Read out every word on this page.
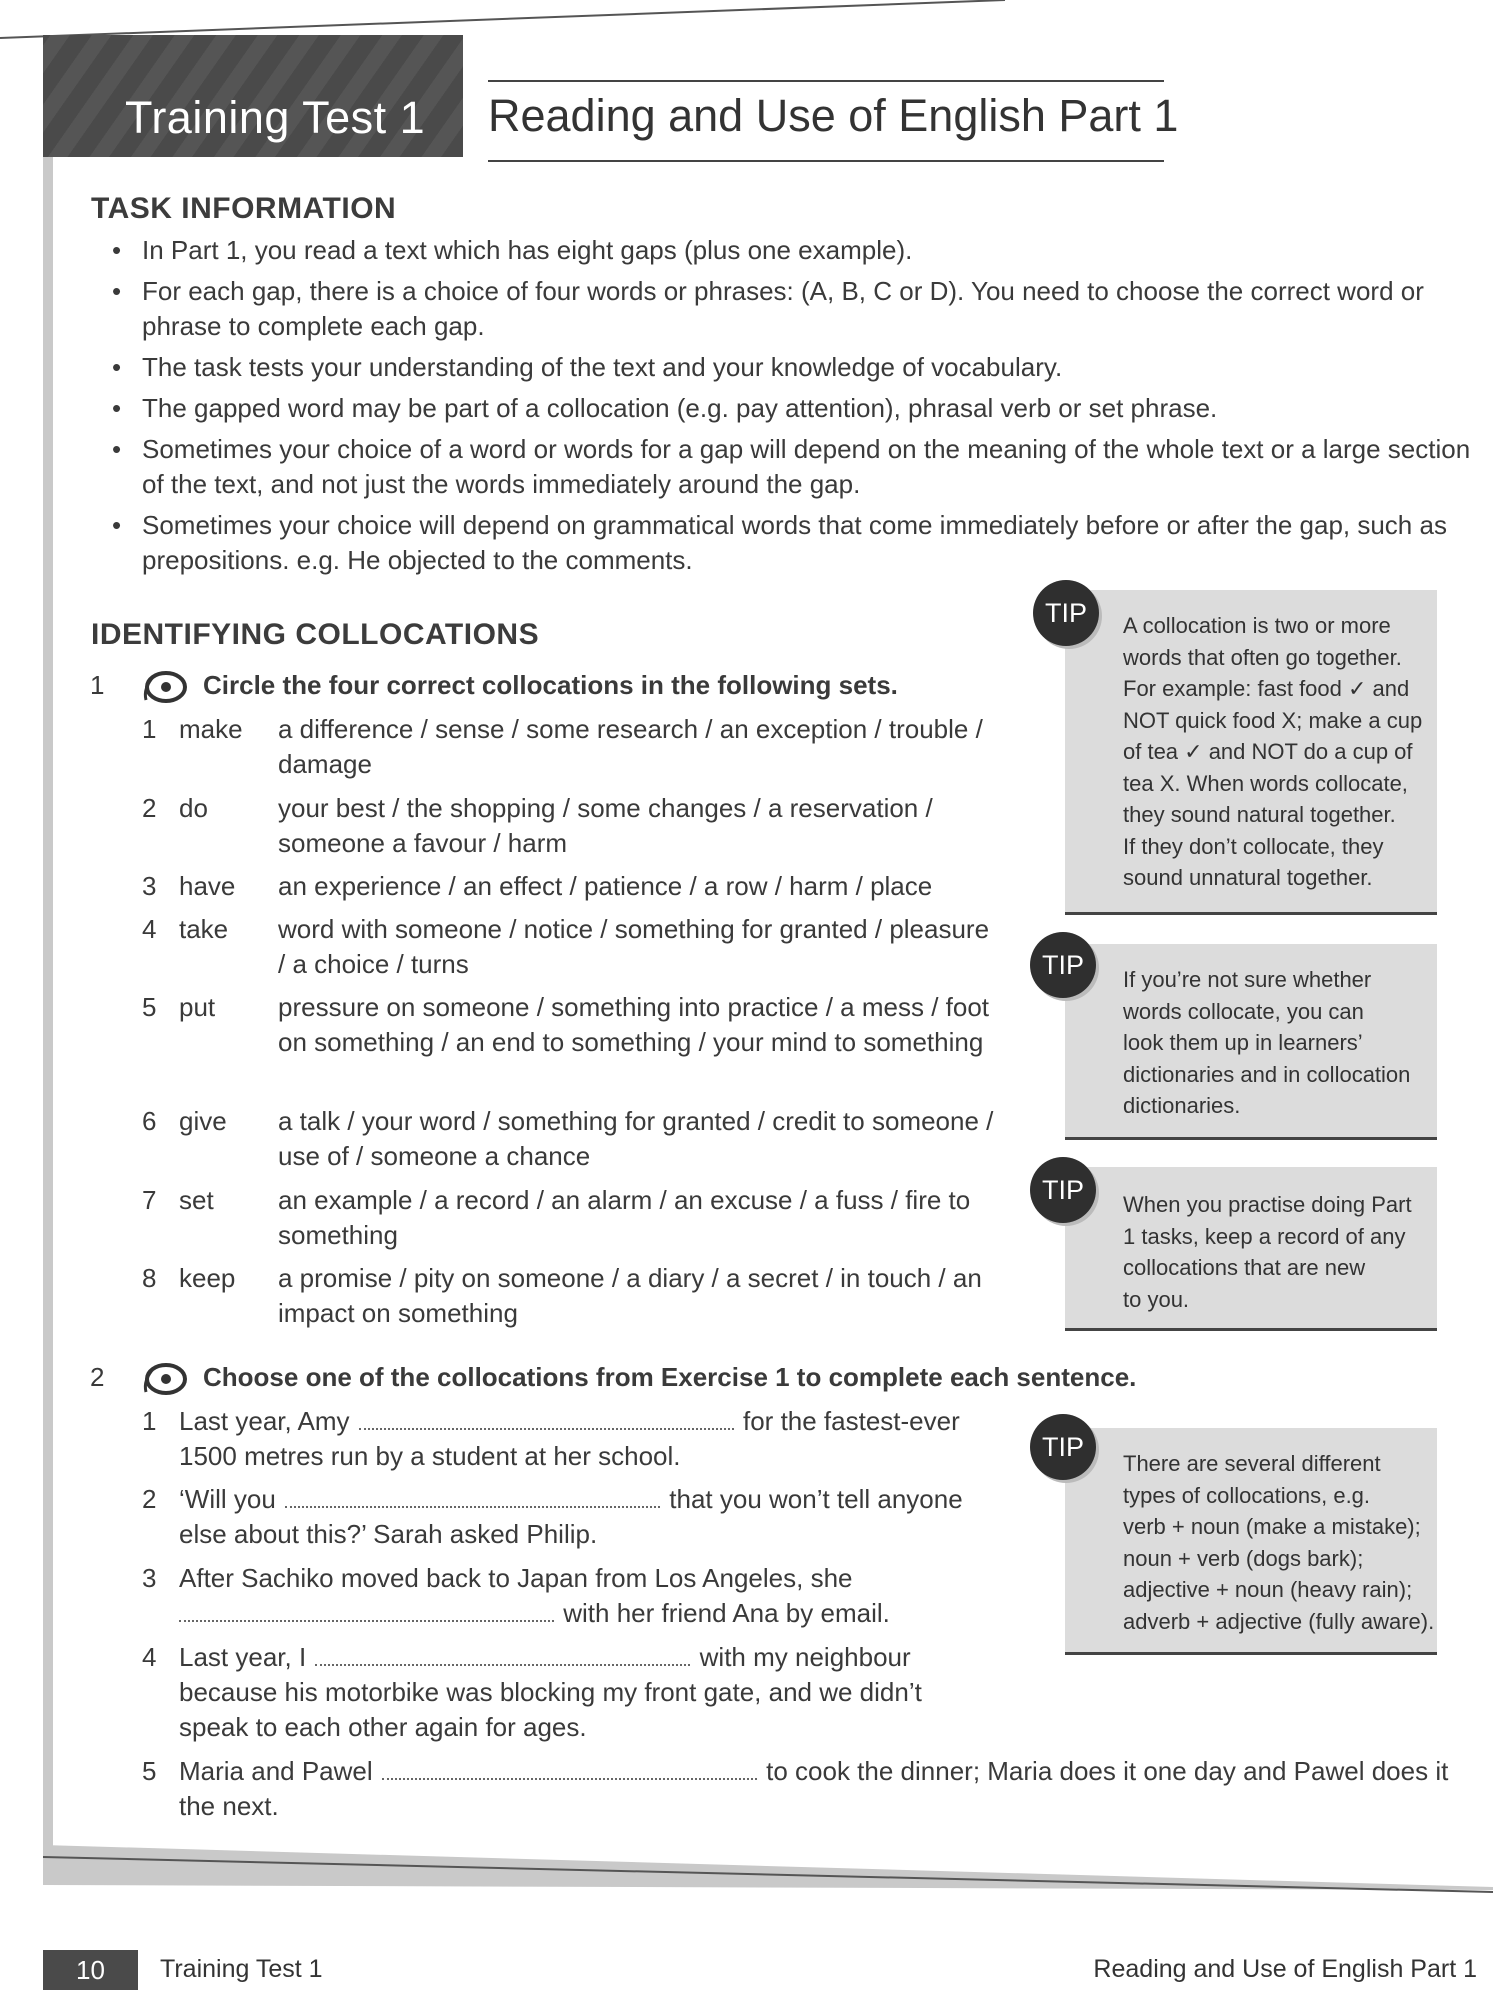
Training Test 1 Reading and Use of English Part 1
TASK INFORMATION
• In Part 1, you read a text which has eight gaps (plus one example).
• For each gap, there is a choice of four words or phrases: (A, B, C or D). You need to choose the correct word or phrase to complete each gap.
• The task tests your understanding of the text and your knowledge of vocabulary.
• The gapped word may be part of a collocation (e.g. pay attention), phrasal verb or set phrase.
• Sometimes your choice of a word or words for a gap will depend on the meaning of the whole text or a large section of the text, and not just the words immediately around the gap.
• Sometimes your choice will depend on grammatical words that come immediately before or after the gap, such as prepositions. e.g. He objected to the comments.
IDENTIFYING COLLOCATIONS
1	Circle the four correct collocations in the following sets.
1 make a difference / sense / some research / an exception / trouble / damage
2 do	your best / the shopping / some changes / a reservation / someone a favour / harm
3 have an experience / an effect / patience / a row / harm / place
4 take word with someone / notice / something for granted / pleasure / a choice / turns
5 put pressure on someone / something into practice / a mess / foot on something / an end to something / your mind to something
6 give a talk / your word / something for granted / credit to someone / use of / someone a chance
7 set an example / a record / an alarm / an excuse / a fuss / fire to something
8 keep a promise / pity on someone / a diary / a secret / in touch / an impact on something
2	Choose one of the collocations from Exercise 1 to complete each sentence.
1 Last year, Amy	for the fastest-ever
1500 metres run by a student at her school.
2 ‘Will you	that you won’t tell anyone
else about this?’ Sarah asked Philip.
3 After Sachiko moved back to Japan from Los Angeles, she
with her friend Ana by email.
4 Last year, I	with my neighbour
because his motorbike was blocking my front gate, and we didn’t
speak to each other again for ages.
5 Maria and Pawel	to cook the dinner; Maria does it one day and Pawel does it
the next.
A collocation is two or more
words that often go together.
For example: fast food ✓ and
NOT quick food X; make a cup
of tea ✓ and NOT do a cup of
tea X. When words collocate,
they sound natural together.
If they don’t collocate, they
sound unnatural together.
TIP
If you’re not sure whether
words collocate, you can
look them up in learners’
dictionaries and in collocation
dictionaries.
TIP
When you practise doing Part
1 tasks, keep a record of any
collocations that are new
to you.
TIP
There are several different
types of collocations, e.g.
verb + noun (make a mistake);
noun + verb (dogs bark);
adjective + noun (heavy rain);
adverb + adjective (fully aware).
TIP
10	Training Test 1	Reading and Use of English Part 1
